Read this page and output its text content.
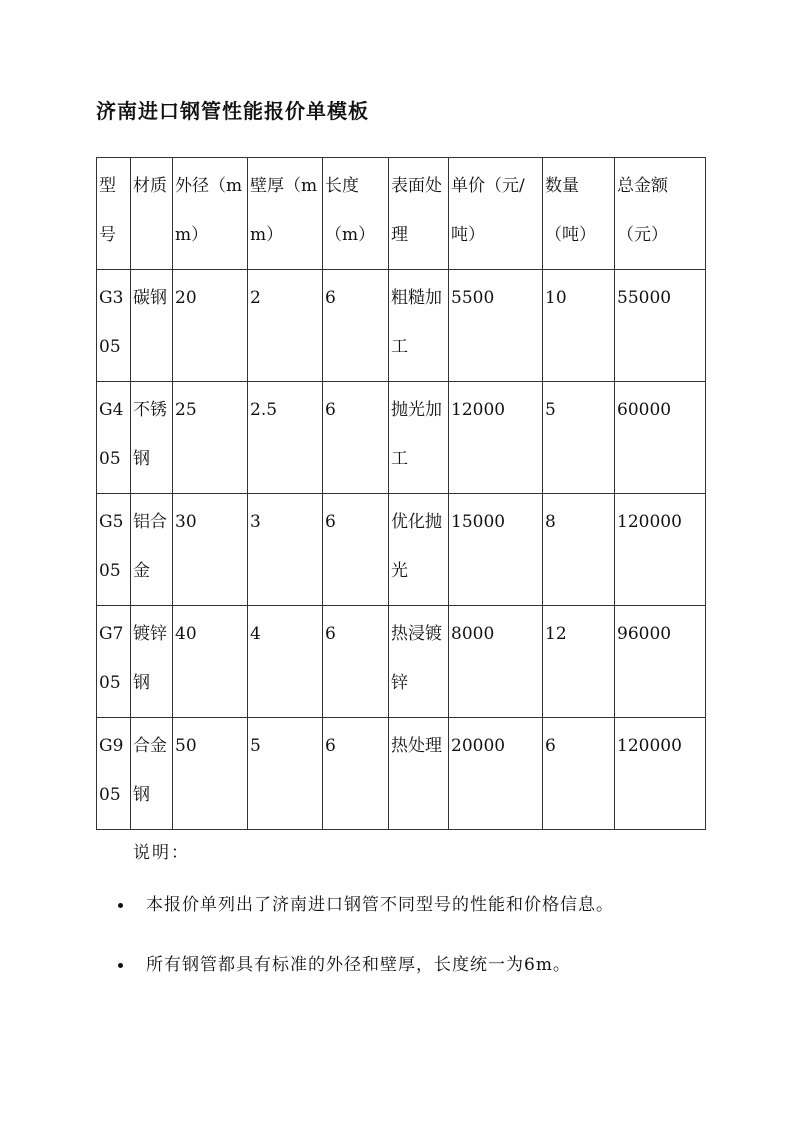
济南进口钢管性能报价单模板
型号	材质	外径（mm）	壁厚（mm）	长度（m）	表面处理	单价（元/吨）	数量（吨）	总金额（元）
G305	碳钢	20	2	6	粗糙加工	5500	10	55000
G405	不锈钢	25	2.5	6	抛光加工	12000	5	60000
G505	铝合金	30	3	6	优化抛光	15000	8	120000
G705	镀锌钢	40	4	6	热浸镀锌	8000	12	96000
G905	合金钢	50	5	6	热处理	20000	6	120000
说明：
本报价单列出了济南进口钢管不同型号的性能和价格信息。
所有钢管都具有标准的外径和壁厚，长度统一为6m。
